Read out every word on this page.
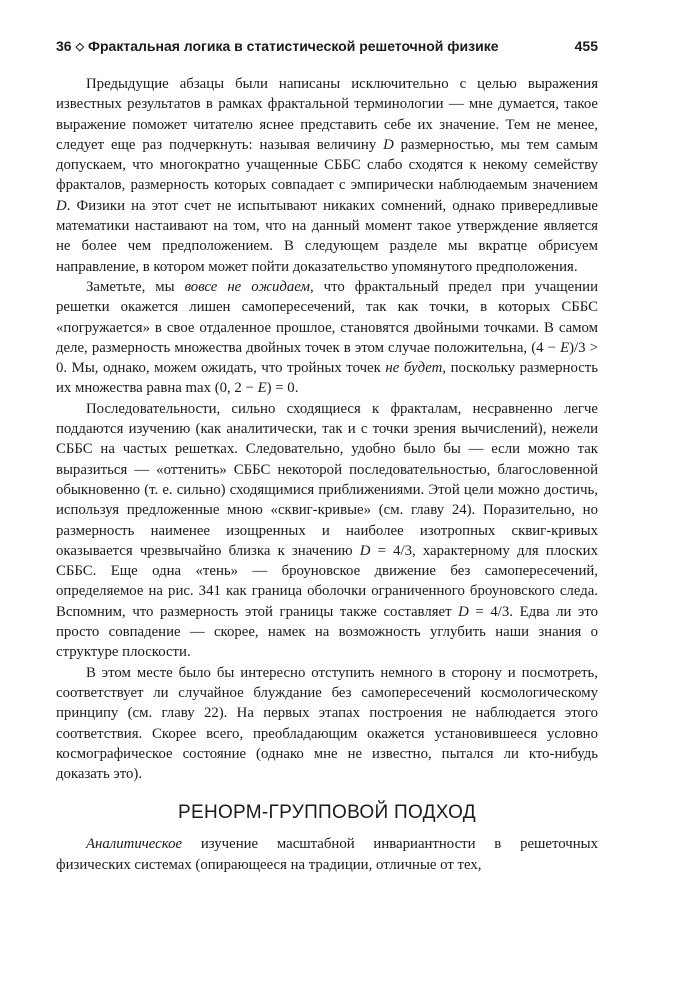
36 ◇ Фрактальная логика в статистической решеточной физике	455

Предыдущие абзацы были написаны исключительно с целью выражения известных результатов в рамках фрактальной терминологии — мне думается, такое выражение поможет читателю яснее представить себе их значение. Тем не менее, следует еще раз подчеркнуть: называя величину D размерностью, мы тем самым допускаем, что многократно учащенные СББС слабо сходятся к некому семейству фракталов, размерность которых совпадает с эмпирически наблюдаемым значением D. Физики на этот счет не испытывают никаких сомнений, однако привередливые математики настаивают на том, что на данный момент такое утверждение является не более чем предположением. В следующем разделе мы вкратце обрисуем направление, в котором может пойти доказательство упомянутого предположения.

Заметьте, мы вовсе не ожидаем, что фрактальный предел при учащении решетки окажется лишен самопересечений, так как точки, в которых СББС «погружается» в свое отдаленное прошлое, становятся двойными точками. В самом деле, размерность множества двойных точек в этом случае положительна, (4 − E)/3 > 0. Мы, однако, можем ожидать, что тройных точек не будет, поскольку размерность их множества равна max (0, 2 − E) = 0.

Последовательности, сильно сходящиеся к фракталам, несравненно легче поддаются изучению (как аналитически, так и с точки зрения вычислений), нежели СББС на частых решетках. Следовательно, удобно было бы — если можно так выразиться — «оттенить» СББС некоторой последовательностью, благословенной обыкновенно (т. е. сильно) сходящимися приближениями. Этой цели можно достичь, используя предложенные мною «сквиг-кривые» (см. главу 24). Поразительно, но размерность наименее изощренных и наиболее изотропных сквиг-кривых оказывается чрезвычайно близка к значению D = 4/3, характерному для плоских СББС. Еще одна «тень» — броуновское движение без самопересечений, определяемое на рис. 341 как граница оболочки ограниченного броуновского следа. Вспомним, что размерность этой границы также составляет D = 4/3. Едва ли это просто совпадение — скорее, намек на возможность углубить наши знания о структуре плоскости.

В этом месте было бы интересно отступить немного в сторону и посмотреть, соответствует ли случайное блуждание без самопересечений космологическому принципу (см. главу 22). На первых этапах построения не наблюдается этого соответствия. Скорее всего, преобладающим окажется установившееся условно космографическое состояние (однако мне не известно, пытался ли кто-нибудь доказать это).

РЕНОРМ-ГРУППОВОЙ ПОДХОД

Аналитическое изучение масштабной инвариантности в решеточных физических системах (опирающееся на традиции, отличные от тех,
